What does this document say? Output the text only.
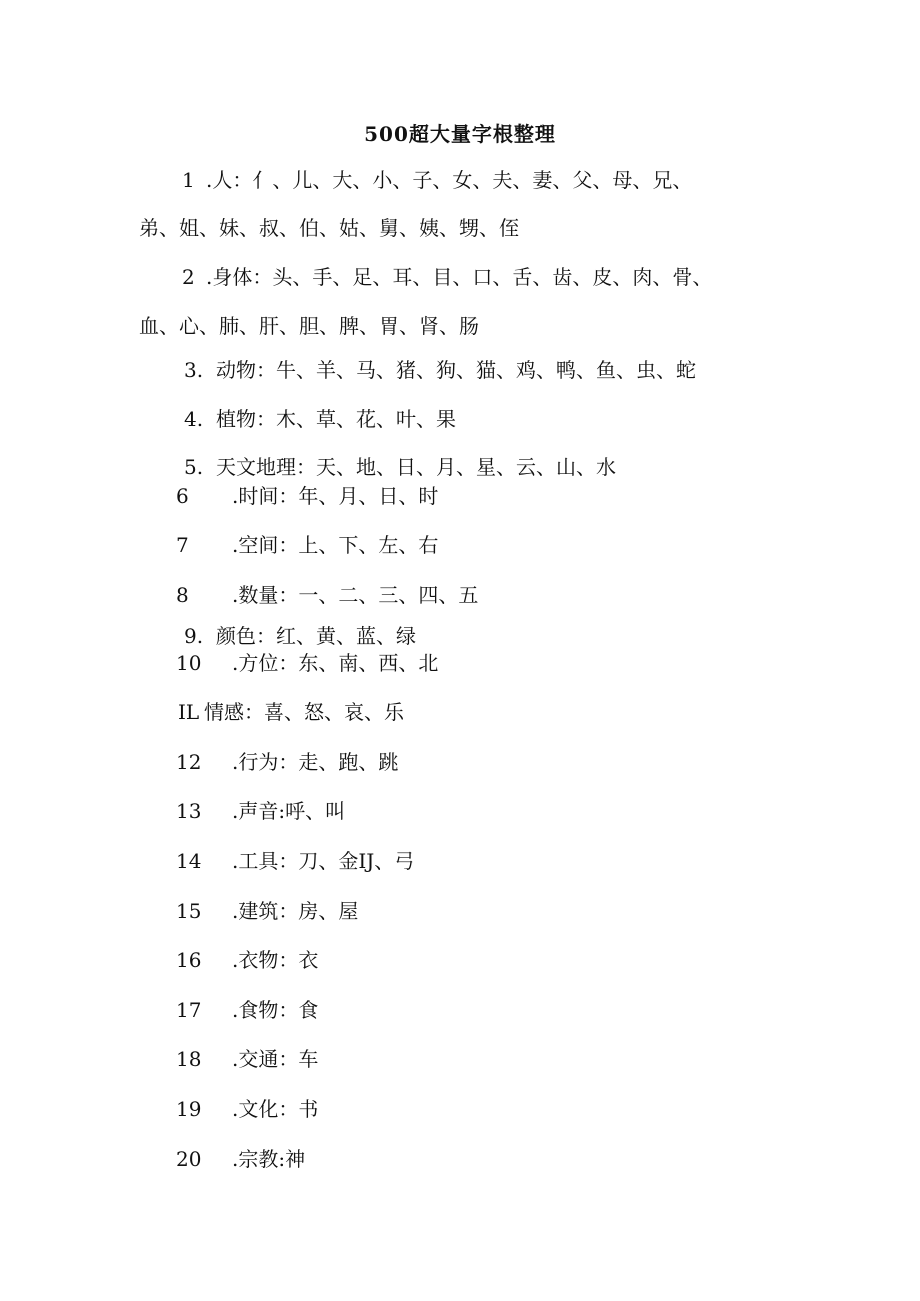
500超大量字根整理
1 .人：亻、儿、大、小、子、女、夫、妻、父、母、兄、
弟、姐、妹、叔、伯、姑、舅、姨、甥、侄
2 .身体：头、手、足、耳、目、口、舌、齿、皮、肉、骨、
血、心、肺、肝、胆、脾、胃、肾、肠
3. 动物：牛、羊、马、猪、狗、猫、鸡、鸭、鱼、虫、蛇
4. 植物：木、草、花、叶、果
5. 天文地理：天、地、日、月、星、云、山、水
6 .时间：年、月、日、时
7 .空间：上、下、左、右
8 .数量：一、二、三、四、五
9. 颜色：红、黄、蓝、绿
10 .方位：东、南、西、北
IL 情感：喜、怒、哀、乐
12 .行为：走、跑、跳
13 .声音:呼、叫
14 .工具：刀、金IJ、弓
15 .建筑：房、屋
16 .衣物：衣
17 .食物：食
18 .交通：车
19 .文化：书
20 .宗教:神
